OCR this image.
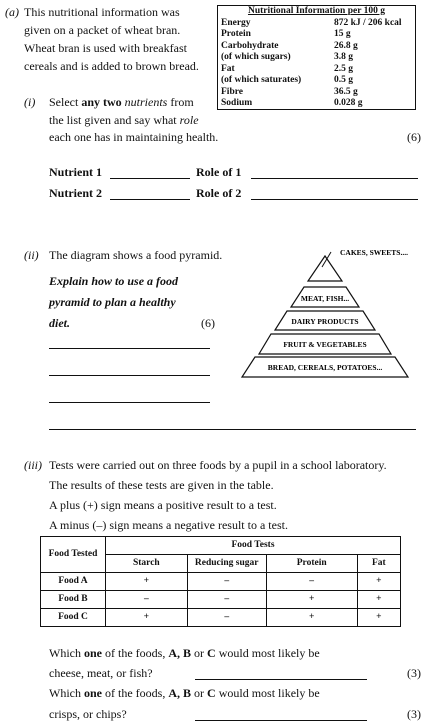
(a) This nutritional information was
given on a packet of wheat bran.
Wheat bran is used with breakfast
cereals and is added to brown bread.
Nutritional Information per 100 g
Energy	872 kJ / 206 kcal
Protein	15 g
Carbohydrate	26.8 g
(of which sugars)	3.8 g
Fat	2.5 g
(of which saturates)	0.5 g
Fibre	36.5 g
Sodium	0.028 g
(i) Select any two nutrients from
the list given and say what role
each one has in maintaining health.	(6)
Nutrient 1	Role of 1
Nutrient 2	Role of 2
(ii) The diagram shows a food pyramid.
Explain how to use a food
pyramid to plan a healthy
diet.	(6)
CAKES, SWEETS....
MEAT, FISH...
DAIRY PRODUCTS
FRUIT & VEGETABLES
BREAD, CEREALS, POTATOES...
(iii) Tests were carried out on three foods by a pupil in a school laboratory.
The results of these tests are given in the table.
A plus (+) sign means a positive result to a test.
A minus (–) sign means a negative result to a test.
Food Tested	Food Tests			
	Starch	Reducing sugar	Protein	Fat
Food A	+	–	–	+
Food B	–	–	+	+
Food C	+	–	+	+
Which one of the foods, A, B or C would most likely be
cheese, meat, or fish?	(3)
Which one of the foods, A, B or C would most likely be
crisps, or chips?	(3)
